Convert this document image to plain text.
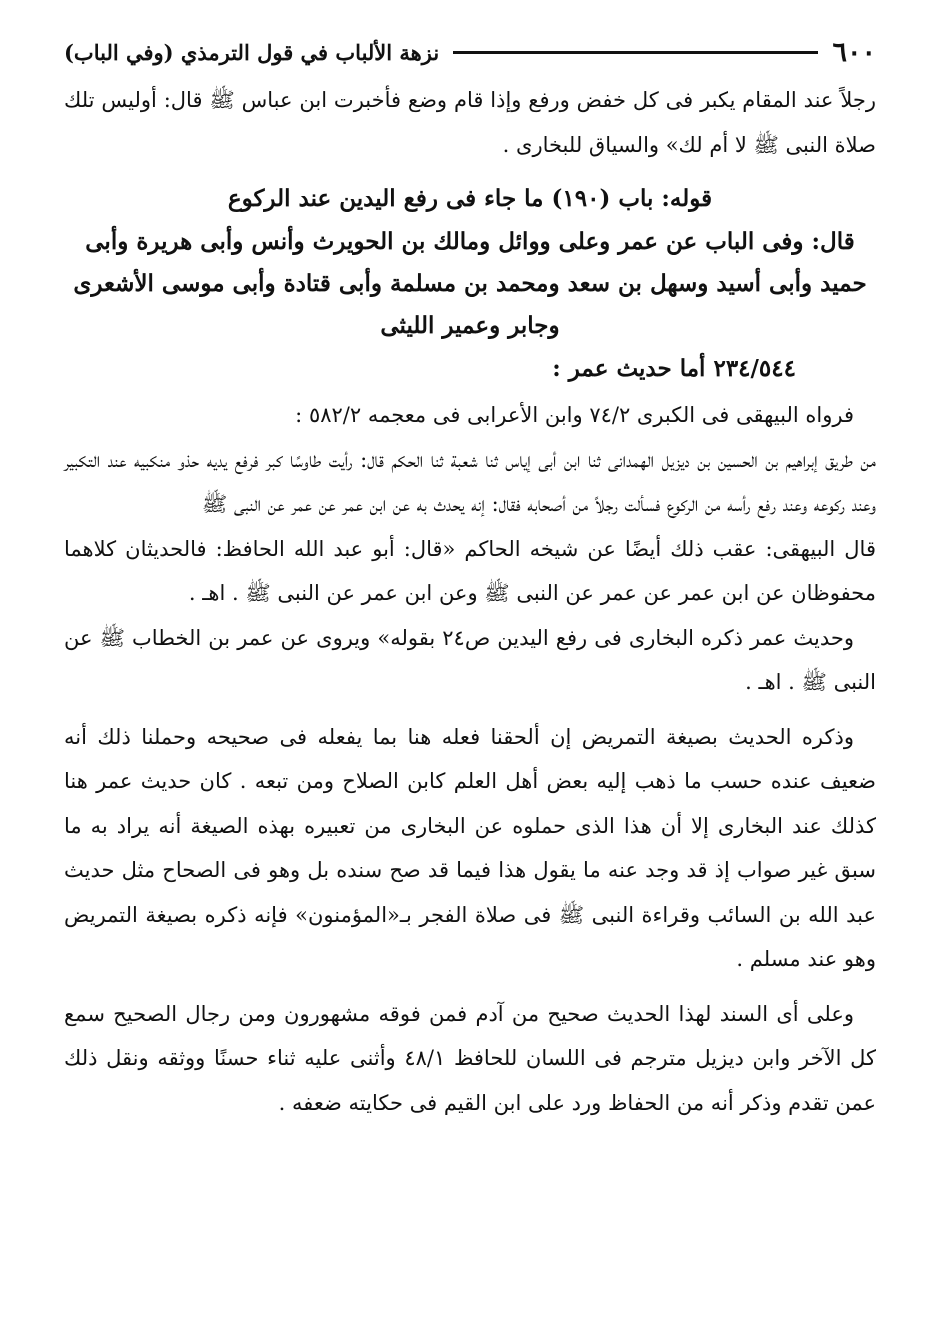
٦٠٠
نزهة الألباب في قول الترمذي (وفي الباب)

رجلاً عند المقام يكبر فى كل خفض ورفع وإذا قام وضع فأخبرت ابن عباس ﷺ قال: أوليس تلك صلاة النبى ﷺ لا أم لك» والسياق للبخارى .

قوله: باب (١٩٠) ما جاء فى رفع اليدين عند الركوع

قال: وفى الباب عن عمر وعلى ووائل ومالك بن الحويرث وأنس وأبى هريرة وأبى حميد وأبى أسيد وسهل بن سعد ومحمد بن مسلمة وأبى قتادة وأبى موسى الأشعرى وجابر وعمير الليثى

٢٣٤/٥٤٤ أما حديث عمر :

فرواه البيهقى فى الكبرى ٧٤/٢ وابن الأعرابى فى معجمه ٥٨٢/٢ :

من طريق إبراهيم بن الحسين بن ديزيل الهمدانى ثنا ابن أبى إياس ثنا شعبة ثنا الحكم قال: رأيت طاوسًا كبر فرفع يديه حذو منكبيه عند التكبير وعند ركوعه وعند رفع رأسه من الركوع فسألت رجلاً من أصحابه فقال: إنه يحدث به عن ابن عمر عن عمر عن النبى ﷺ

قال البيهقى: عقب ذلك أيضًا عن شيخه الحاكم «قال: أبو عبد الله الحافظ: فالحديثان كلاهما محفوظان عن ابن عمر عن عمر عن النبى ﷺ وعن ابن عمر عن النبى ﷺ . اهـ .

وحديث عمر ذكره البخارى فى رفع اليدين ص٢٤ بقوله» ويروى عن عمر بن الخطاب ﷺ عن النبى ﷺ . اهـ .

وذكره الحديث بصيغة التمريض إن ألحقنا فعله هنا بما يفعله فى صحيحه وحملنا ذلك أنه ضعيف عنده حسب ما ذهب إليه بعض أهل العلم كابن الصلاح ومن تبعه . كان حديث عمر هنا كذلك عند البخارى إلا أن هذا الذى حملوه عن البخارى من تعبيره بهذه الصيغة أنه يراد به ما سبق غير صواب إذ قد وجد عنه ما يقول هذا فيما قد صح سنده بل وهو فى الصحاح مثل حديث عبد الله بن السائب وقراءة النبى ﷺ فى صلاة الفجر بـ«المؤمنون» فإنه ذكره بصيغة التمريض وهو عند مسلم .

وعلى أى السند لهذا الحديث صحيح من آدم فمن فوقه مشهورون ومن رجال الصحيح سمع كل الآخر وابن ديزيل مترجم فى اللسان للحافظ ٤٨/١ وأثنى عليه ثناء حسنًا ووثقه ونقل ذلك عمن تقدم وذكر أنه من الحفاظ ورد على ابن القيم فى حكايته ضعفه .
